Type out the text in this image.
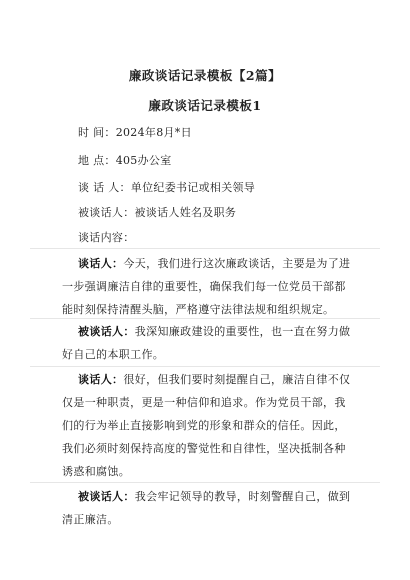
廉政谈话记录模板【2篇】
廉政谈话记录模板1
时 间：2024年8月*日
地 点：405办公室
谈 话 人：单位纪委书记或相关领导
被谈话人：被谈话人姓名及职务
谈话内容：
谈话人：今天，我们进行这次廉政谈话，主要是为了进
一步强调廉洁自律的重要性，确保我们每一位党员干部都
能时刻保持清醒头脑，严格遵守法律法规和组织规定。
被谈话人：我深知廉政建设的重要性，也一直在努力做
好自己的本职工作。
谈话人：很好，但我们要时刻提醒自己，廉洁自律不仅
仅是一种职责，更是一种信仰和追求。作为党员干部，我
们的行为举止直接影响到党的形象和群众的信任。因此，
我们必须时刻保持高度的警觉性和自律性，坚决抵制各种
诱惑和腐蚀。
被谈话人：我会牢记领导的教导，时刻警醒自己，做到
清正廉洁。
